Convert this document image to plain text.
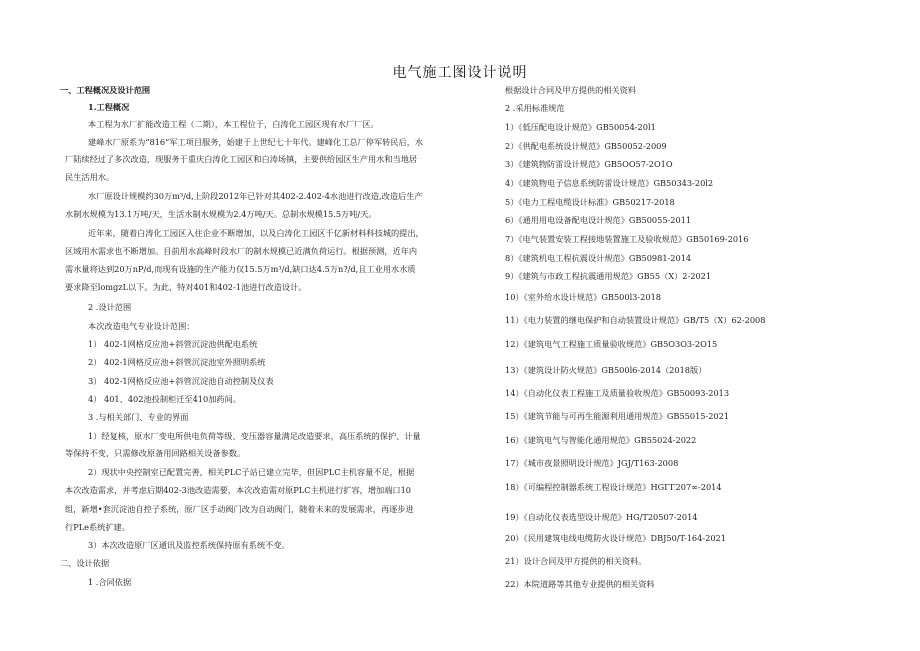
电气施工图设计说明

一、工程概况及设计范围

1.工程概况

本工程为水厂扩能改造工程（二期），本工程位于，白涛化工园区现有水厂厂区。

建峰水厂原系为“816”军工项目服务，始建于上世纪七十年代。建峰化工总厂停军转民后，水

厂陆续经过了多次改造，现服务于重庆白涛化工园区和白涛场镇，主要供给园区生产用水和当地居

民生活用水。

水厂原设计规模约30万m³/d,上阶段2012年已针对其402-2.402-4水池进行改造,改造后生产

水制水规模为13.1万吨/天，生活水制水规模为2.4万吨/天。总制水规模15.5万吨/天。

近年来，随着白涛化工园区入住企业不断增加，以及白涛化工园区千亿新材料科技城的提出，

区域用水需求也不断增加。目前用水高峰时段水厂的制水规模已近满负荷运行。根据预测，近年内

需水量将达到20万nP/d,而现有设施的生产能力仅15.5万m³/d,缺口达4.5万n?/d,且工业用水水质

要求降至lomgzL以下。为此，特对401和402-1池进行改造设计。

2 .设计范围

本次改造电气专业设计范围：

1） 402-1网格反应池+斜管沉淀池供配电系统

2） 402-1网格反应池+斜管沉淀池室外照明系统

3） 402-1网格反应池+斜管沉淀池自动控制及仪表

4） 401、402池投制柜迁至410加药间。

3 .与相关部门、专业的界面

1）经复核，原水厂变电所供电负荷等级、变压器容量满足改造要求，高压系统的保护、计量

等保持不变，只需修改原备用回路相关设备参数。

2）现状中央控制室已配置完善，相关PLC子站已建立完毕，但因PLC主机容量不足，根据

本次改造需求，并考虑后期402-3池改造需要，本次改造需对原PLC主机进行扩容，增加端口10

组，新增•套沉淀池自控子系统，原厂区手动阀门改为自动阀门，随着未来的发展需求，再逐步进

行PLe系统扩建。

3）本次改造原厂区通讯及监控系统保持原有系统不变。

二、设计依据

1 .合同依据

根据设计合同及甲方提供的相关资料

2 .采用标准规范

1）《低压配电设计规范》GB50054-20l1

2）《供配电系统设计规范》GB50052-2009

3）《建筑物防雷设计规范》GB5OO57-2O1O

4）《建筑物电子信息系统防雷设计规范》GB50343-20l2

5）《电力工程电缆设计标准》GB50217-2018

6）《通用用电设备配电设计规范》GB50055-2011

7）《电气装置安装工程接地装置施工及验收规范》GB50169-2016

8）《建筑机电工程抗震设计规范》GB50981-2014

9）《建筑与市政工程抗震通用规范》GB55（X）2-2021

10）《室外给水设计规范》GB500l3-2018

11）《电力装置的继电保护和自动装置设计规范》GB/T5（X）62-2008

12）《建筑电气工程施工质量验收规范》GB5O3O3-2O15

13）《建筑设计防火规范》GB500l6-2014（2018版）

14）《自动化仪表工程施工及质量验收规范》GB50093-2013

15）《建筑节能与可再生能源利用通用规范》GB55015-2021

16）《建筑电气与智能化通用规范》GB55024-2022

17）《城市夜景照明设计规范》JGJ/T163-2008

18）《可编程控制器系统工程设计规范》HGΓΓ207∞-2014

19）《自动化仪表选型设计规范》HG/T20507-2014

20）《民用建筑电线电缆防火设计规范》DBJ50/T-164-2021

21）设计合同及甲方提供的相关资料。

22）本院道路等其他专业提供的相关资料
